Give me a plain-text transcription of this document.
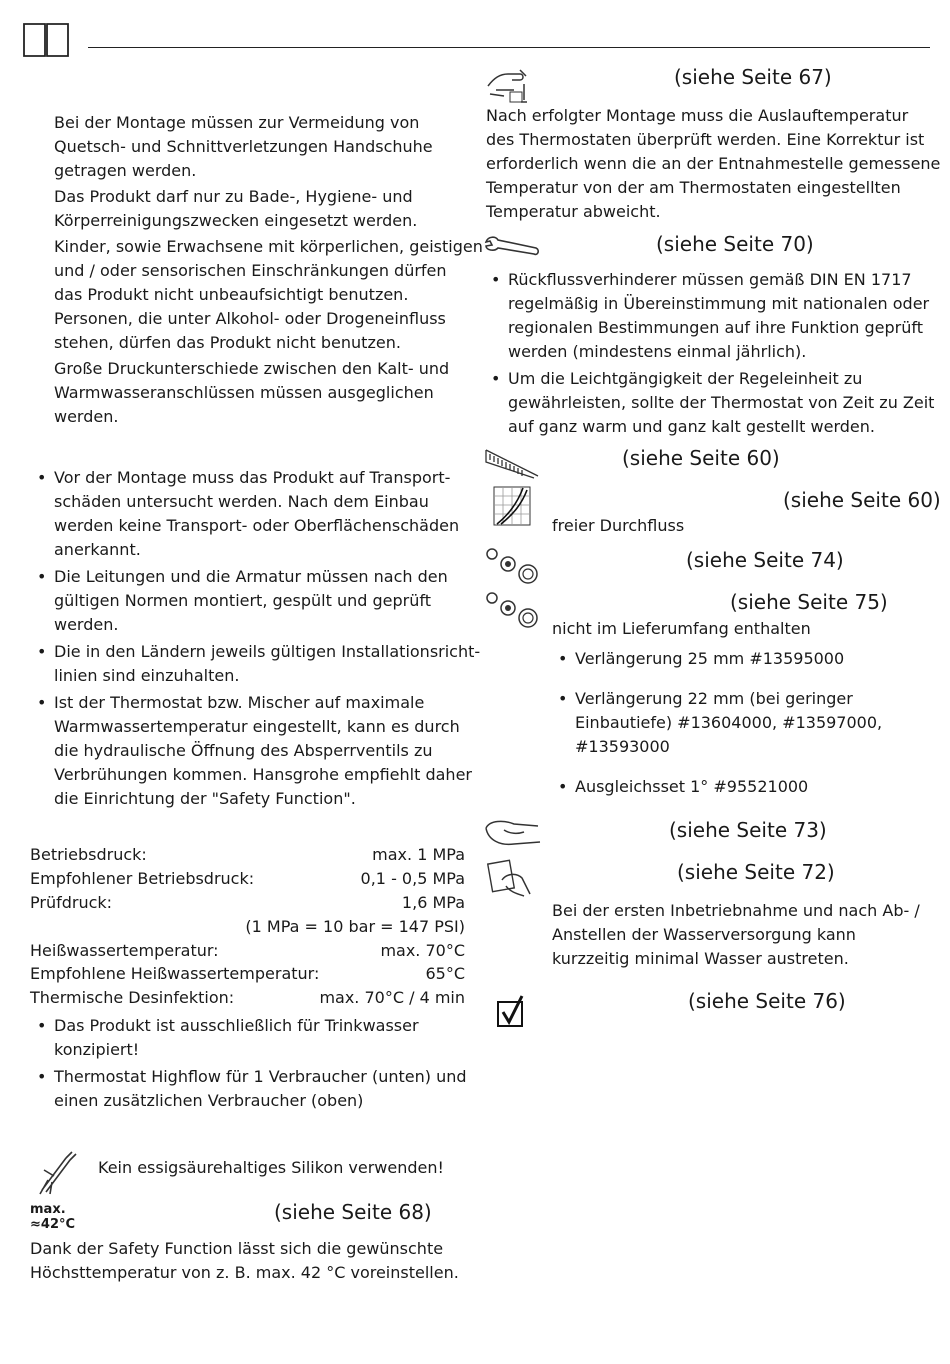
Bei der Montage müssen zur Vermeidung von
Quetsch- und Schnittverletzungen Handschuhe
getragen werden.
Das Produkt darf nur zu Bade-, Hygiene- und
Körperreinigungszwecken eingesetzt werden.
Kinder, sowie Erwachsene mit körperlichen, geistigen
und / oder sensorischen Einschränkungen dürfen
das Produkt nicht unbeaufsichtigt benutzen.
Personen, die unter Alkohol- oder Drogeneinfluss
stehen, dürfen das Produkt nicht benutzen.
Große Druckunterschiede zwischen den Kalt- und
Warmwasseranschlüssen müssen ausgeglichen
werden.
• Vor der Montage muss das Produkt auf Transport-
schäden untersucht werden. Nach dem Einbau
werden keine Transport- oder Oberflächenschäden
anerkannt.
• Die Leitungen und die Armatur müssen nach den
gültigen Normen montiert, gespült und geprüft
werden.
• Die in den Ländern jeweils gültigen Installationsricht-
linien sind einzuhalten.
• Ist der Thermostat bzw. Mischer auf maximale
Warmwassertemperatur eingestellt, kann es durch
die hydraulische Öffnung des Absperrventils zu
Verbrühungen kommen. Hansgrohe empfiehlt daher
die Einrichtung der "Safety Function".
Betriebsdruck:	max. 1 MPa
Empfohlener Betriebsdruck:	0,1 - 0,5 MPa
Prüfdruck:	1,6 MPa
(1 MPa = 10 bar = 147 PSI)
Heißwassertemperatur:	max. 70°C
Empfohlene Heißwassertemperatur:	65°C
Thermische Desinfektion:	max. 70°C / 4 min
• Das Produkt ist ausschließlich für Trinkwasser
konzipiert!
• Thermostat Highflow für 1 Verbraucher (unten) und
einen zusätzlichen Verbraucher (oben)
Kein essigsäurehaltiges Silikon verwenden!
max.
≈42°C
(siehe Seite 68)
Dank der Safety Function lässt sich die gewünschte
Höchsttemperatur von z. B. max. 42 °C voreinstellen.
(siehe Seite 67)
Nach erfolgter Montage muss die Auslauftemperatur
des Thermostaten überprüft werden. Eine Korrektur ist
erforderlich wenn die an der Entnahmestelle gemessene
Temperatur von der am Thermostaten eingestellten
Temperatur abweicht.
(siehe Seite 70)
• Rückflussverhinderer müssen gemäß DIN EN 1717
regelmäßig in Übereinstimmung mit nationalen oder
regionalen Bestimmungen auf ihre Funktion geprüft
werden (mindestens einmal jährlich).
• Um die Leichtgängigkeit der Regeleinheit zu
gewährleisten, sollte der Thermostat von Zeit zu Zeit
auf ganz warm und ganz kalt gestellt werden.
(siehe Seite 60)
(siehe Seite 60)
freier Durchfluss
(siehe Seite 74)
(siehe Seite 75)
nicht im Lieferumfang enthalten
• Verlängerung 25 mm #13595000
• Verlängerung 22 mm (bei geringer
Einbautiefe) #13604000, #13597000,
#13593000
• Ausgleichsset 1° #95521000
(siehe Seite 73)
(siehe Seite 72)
Bei der ersten Inbetriebnahme und nach Ab- /
Anstellen der Wasserversorgung kann
kurzzeitig minimal Wasser austreten.
(siehe Seite 76)
